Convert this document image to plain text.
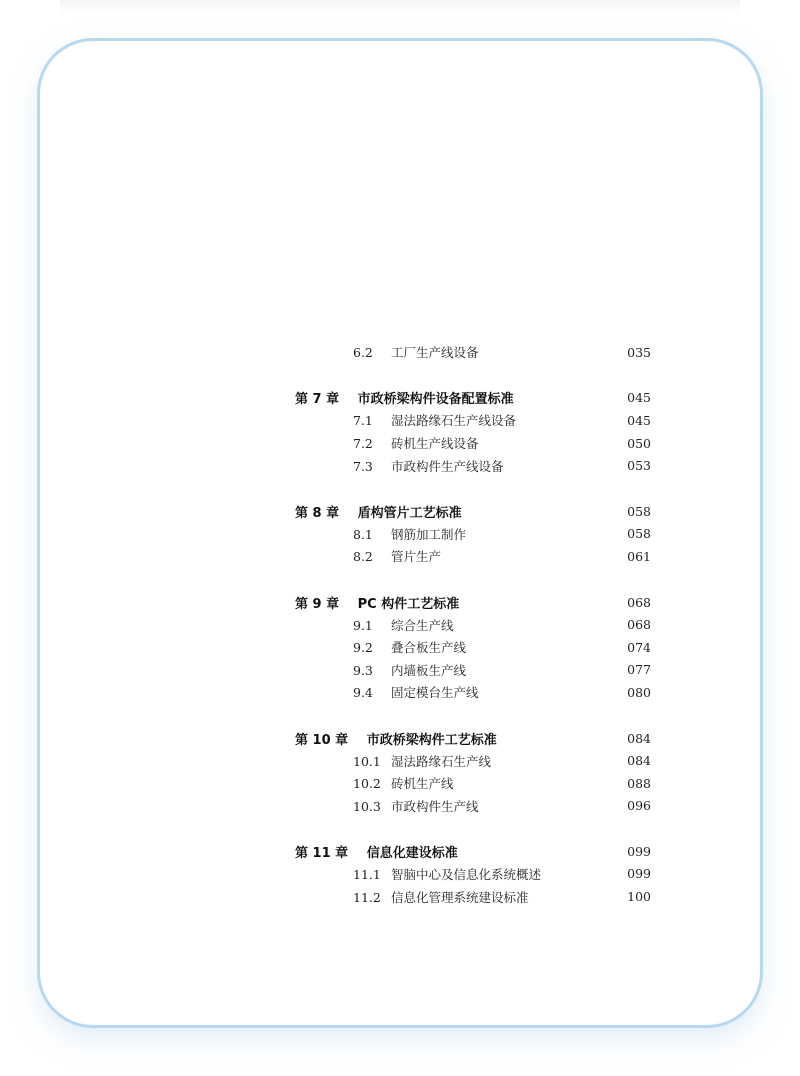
6.2 工厂生产线设备	035
第 7 章 市政桥梁构件设备配置标准	045
7.1 湿法路缘石生产线设备	045
7.2 砖机生产线设备	050
7.3 市政构件生产线设备	053
第 8 章 盾构管片工艺标准	058
8.1 钢筋加工制作	058
8.2 管片生产	061
第 9 章 PC 构件工艺标准	068
9.1 综合生产线	068
9.2 叠合板生产线	074
9.3 内墙板生产线	077
9.4 固定模台生产线	080
第 10 章 市政桥梁构件工艺标准	084
10.1 湿法路缘石生产线	084
10.2 砖机生产线	088
10.3 市政构件生产线	096
第 11 章 信息化建设标准	099
11.1 智脑中心及信息化系统概述	099
11.2 信息化管理系统建设标准	100
